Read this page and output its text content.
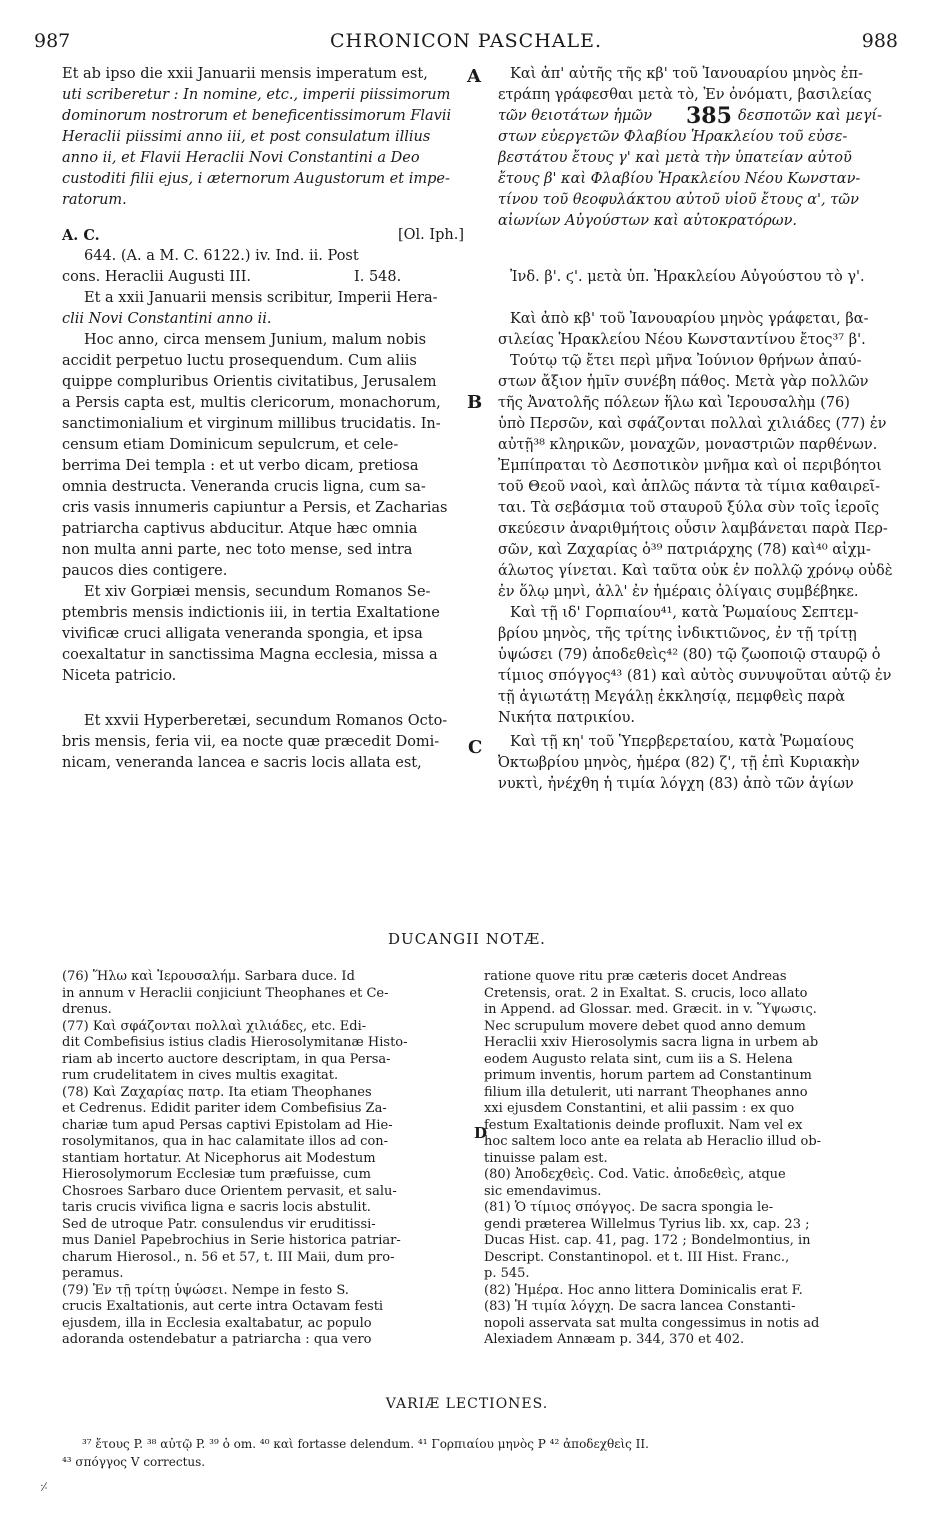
987	CHRONICON PASCHALE.	988
Et ab ipso die xxii Januarii mensis imperatum est,
uti scriberetur : In nomine, etc., imperii piissimorum
dominorum nostrorum et beneficentissimorum Flavii
Heraclii piissimi anno iii, et post consulatum illius
anno ii, et Flavii Heraclii Novi Constantini a Deo
custoditi filii ejus, i æternorum Augustorum et impe-
ratorum.
A. C.	[Ol. Iph.]
644. (A. a M. C. 6122.) iv. Ind. ii. Post
cons. Heraclii Augusti III.	I. 548.
Et a xxii Januarii mensis scribitur, Imperii Hera-
clii Novi Constantini anno ii.
Hoc anno, circa mensem Junium, malum nobis
accidit perpetuo luctu prosequendum. Cum aliis
quippe compluribus Orientis civitatibus, Jerusalem
a Persis capta est, multis clericorum, monachorum,
sanctimonialium et virginum millibus trucidatis. In-
censum etiam Dominicum sepulcrum, et cele-
berrima Dei templa : et ut verbo dicam, pretiosa
omnia destructa. Veneranda crucis ligna, cum sa-
cris vasis innumeris capiuntur a Persis, et Zacharias
patriarcha captivus abducitur. Atque hæc omnia
non multa anni parte, nec toto mense, sed intra
paucos dies contigere.
Et xiv Gorpiæi mensis, secundum Romanos Se-
ptembris mensis indictionis iii, in tertia Exaltatione
vivificæ cruci alligata veneranda spongia, et ipsa
coexaltatur in sanctissima Magna ecclesia, missa a
Niceta patricio.
Et xxvii Hyperberetæi, secundum Romanos Octo-
bris mensis, feria vii, ea nocte quæ præcedit Domi-
nicam, veneranda lancea e sacris locis allata est,
A
B
C
D
Καὶ ἀπ' αὐτῆς τῆς κβ' τοῦ Ἰανουαρίου μηνὸς ἐπ-
ετράπη γράφεσθαι μετὰ τὸ, Ἐν ὀνόματι, βασιλείας
τῶν θειοτάτων ἡμῶν 385 δεσποτῶν καὶ μεγί-
στων εὐεργετῶν Φλαβίου Ἡρακλείου τοῦ εὐσε-
βεστάτου ἔτους γ' καὶ μετὰ τὴν ὑπατείαν αὐτοῦ
ἔτους β' καὶ Φλαβίου Ἡρακλείου Νέου Κωνσταν-
τίνου τοῦ θεοφυλάκτου αὐτοῦ υἱοῦ ἔτους α', τῶν
αἰωνίων Αὐγούστων καὶ αὐτοκρατόρων.
Ἰνδ. β'. ϛ'. μετὰ ὑπ. Ἡρακλείου Αὐγούστου τὸ γ'.
Καὶ ἀπὸ κβ' τοῦ Ἰανουαρίου μηνὸς γράφεται, βα-
σιλείας Ἡρακλείου Νέου Κωνσταντίνου ἔτος³⁷ β'.
Τούτῳ τῷ ἔτει περὶ μῆνα Ἰούνιον θρήνων ἀπαύ-
στων ἄξιον ἡμῖν συνέβη πάθος. Μετὰ γὰρ πολλῶν
τῆς Ἀνατολῆς πόλεων ἥλω καὶ Ἱερουσαλὴμ (76)
ὑπὸ Περσῶν, καὶ σφάζονται πολλαὶ χιλιάδες (77) ἐν
αὐτῇ³⁸ κληρικῶν, μοναχῶν, μοναστριῶν παρθένων.
Ἐμπίπραται τὸ Δεσποτικὸν μνῆμα καὶ οἱ περιβόητοι
τοῦ Θεοῦ ναοὶ, καὶ ἁπλῶς πάντα τὰ τίμια καθαιρεῖ-
ται. Τὰ σεβάσμια τοῦ σταυροῦ ξύλα σὺν τοῖς ἱεροῖς
σκεύεσιν ἀναριθμήτοις οὖσιν λαμβάνεται παρὰ Περ-
σῶν, καὶ Ζαχαρίας ὁ³⁹ πατριάρχης (78) καὶ⁴⁰ αἰχμ-
άλωτος γίνεται. Καὶ ταῦτα οὐκ ἐν πολλῷ χρόνῳ οὐδὲ
ἐν ὅλῳ μηνὶ, ἀλλ' ἐν ἡμέραις ὀλίγαις συμβέβηκε.
Καὶ τῇ ιδ' Γορπιαίου⁴¹, κατὰ Ῥωμαίους Σεπτεμ-
βρίου μηνὸς, τῆς τρίτης ἰνδικτιῶνος, ἐν τῇ τρίτῃ
ὑψώσει (79) ἀποδεθεὶς⁴² (80) τῷ ζωοποιῷ σταυρῷ ὁ
τίμιος σπόγγος⁴³ (81) καὶ αὐτὸς συνυψοῦται αὐτῷ ἐν
τῇ ἁγιωτάτῃ Μεγάλῃ ἐκκλησίᾳ, πεμφθεὶς παρὰ
Νικήτα πατρικίου.
Καὶ τῇ κη' τοῦ Ὑπερβερεταίου, κατὰ Ῥωμαίους
Ὀκτωβρίου μηνὸς, ἡμέρα (82) ζ', τῇ ἐπὶ Κυριακὴν
νυκτὶ, ἠνέχθη ἡ τιμία λόγχη (83) ἀπὸ τῶν ἁγίων
DUCANGII NOTÆ.
(76) Ἥλω καὶ Ἱερουσαλήμ. Sarbara duce. Id
in annum v Heraclii conjiciunt Theophanes et Ce-
drenus.
(77) Καὶ σφάζονται πολλαὶ χιλιάδες, etc. Edi-
dit Combefisius istius cladis Hierosolymitanæ Histo-
riam ab incerto auctore descriptam, in qua Persa-
rum crudelitatem in cives multis exagitat.
(78) Καὶ Ζαχαρίας πατρ. Ita etiam Theophanes
et Cedrenus. Edidit pariter idem Combefisius Za-
chariæ tum apud Persas captivi Epistolam ad Hie-
rosolymitanos, qua in hac calamitate illos ad con-
stantiam hortatur. At Nicephorus ait Modestum
Hierosolymorum Ecclesiæ tum præfuisse, cum
Chosroes Sarbaro duce Orientem pervasit, et salu-
taris crucis vivifica ligna e sacris locis abstulit.
Sed de utroque Patr. consulendus vir eruditissi-
mus Daniel Papebrochius in Serie historica patriar-
charum Hierosol., n. 56 et 57, t. III Maii, dum pro-
peramus.
(79) Ἐν τῇ τρίτῃ ὑψώσει. Nempe in festo S.
crucis Exaltationis, aut certe intra Octavam festi
ejusdem, illa in Ecclesia exaltabatur, ac populo
adoranda ostendebatur a patriarcha : qua vero
ratione quove ritu præ cæteris docet Andreas
Cretensis, orat. 2 in Exaltat. S. crucis, loco allato
in Append. ad Glossar. med. Græcit. in v. Ὕψωσις.
Nec scrupulum movere debet quod anno demum
Heraclii xxiv Hierosolymis sacra ligna in urbem ab
eodem Augusto relata sint, cum iis a S. Helena
primum inventis, horum partem ad Constantinum
filium illa detulerit, uti narrant Theophanes anno
xxi ejusdem Constantini, et alii passim : ex quo
festum Exaltationis deinde profluxit. Nam vel ex
hoc saltem loco ante ea relata ab Heraclio illud ob-
tinuisse palam est.
(80) Ἀποδεχθεὶς. Cod. Vatic. ἀποδεθεὶς, atque
sic emendavimus.
(81) Ὁ τίμιος σπόγγος. De sacra spongia le-
gendi præterea Willelmus Tyrius lib. xx, cap. 23 ;
Ducas Hist. cap. 41, pag. 172 ; Bondelmontius, in
Descript. Constantinopol. et t. III Hist. Franc.,
p. 545.
(82) Ἡμέρα. Hoc anno littera Dominicalis erat F.
(83) Ἡ τιμία λόγχη. De sacra lancea Constanti-
nopoli asservata sat multa congessimus in notis ad
Alexiadem Annæam p. 344, 370 et 402.
VARIÆ LECTIONES.
³⁷ ἔτους P. ³⁸ αὐτῷ P. ³⁹ ὁ om. ⁴⁰ καὶ fortasse delendum. ⁴¹ Γορπιαίου μηνὸς P ⁴² ἀποδεχθεὶς II.
⁴³ σπόγγος V correctus.
⸓
